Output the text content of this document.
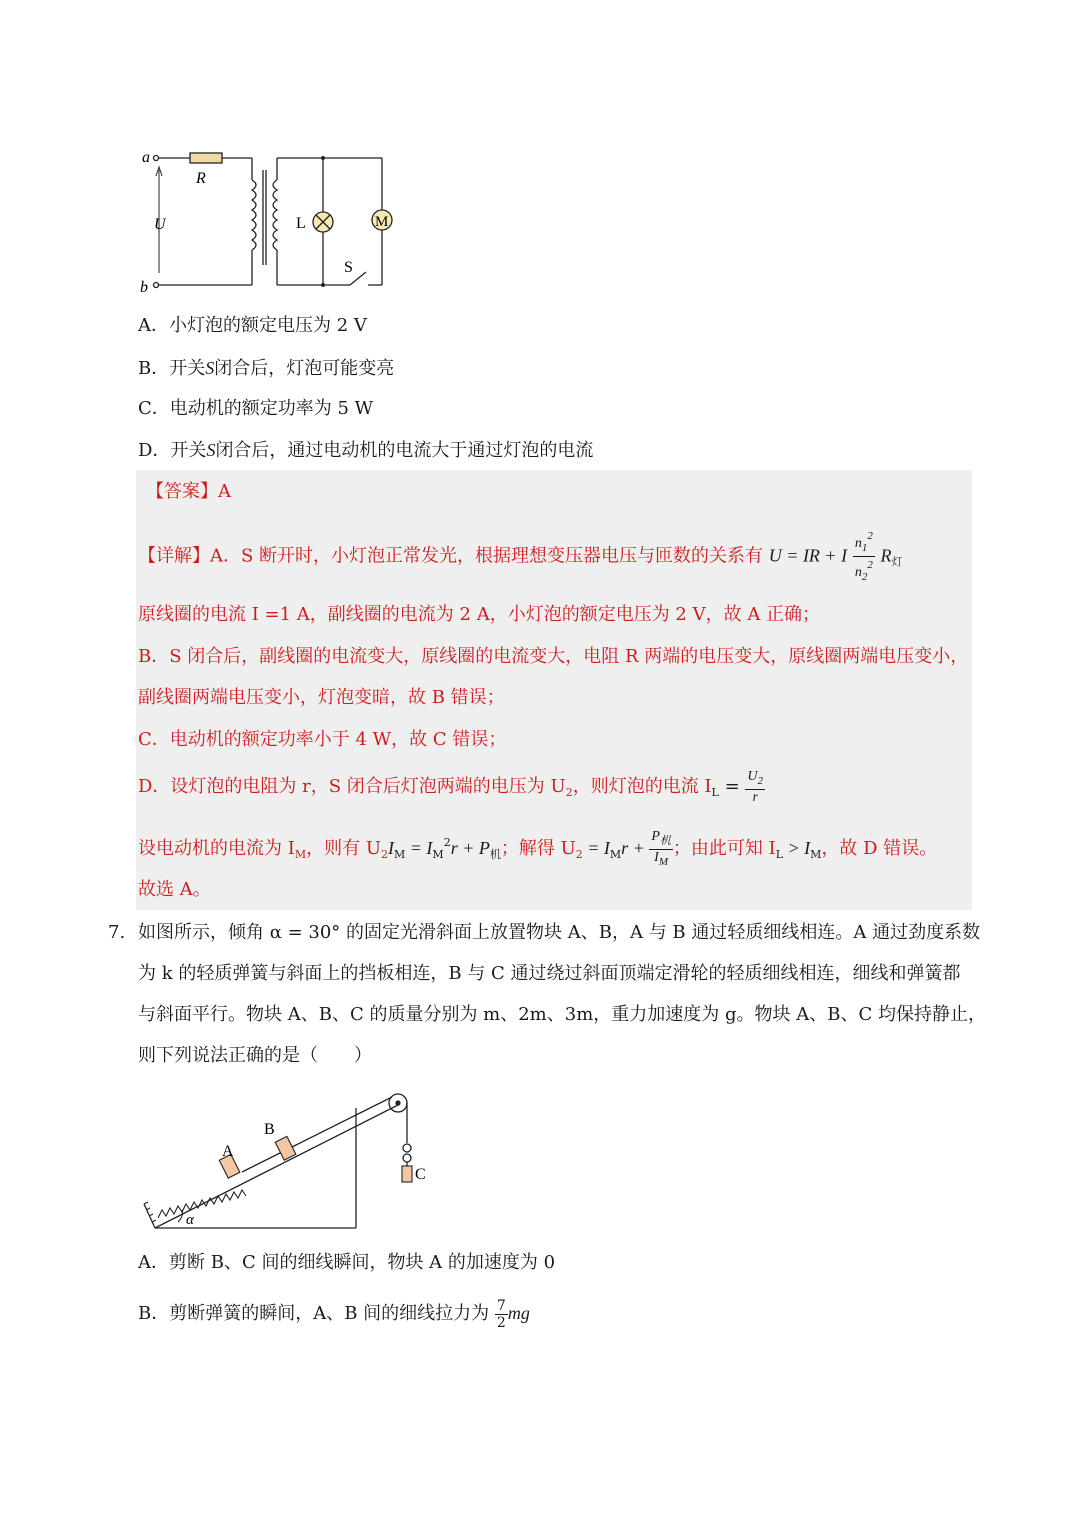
a
b
U
R
L
S
M
A．小灯泡的额定电压为 2 V
B．开关S闭合后，灯泡可能变亮
C．电动机的额定功率为 5 W
D．开关S闭合后，通过电动机的电流大于通过灯泡的电流
【答案】A
【详解】A．S 断开时，小灯泡正常发光，根据理想变压器电压与匝数的关系有 U = IR + I $\frac{n_1^2}{n_2^2} R_灯$
原线圈的电流 I =1 A，副线圈的电流为 2 A，小灯泡的额定电压为 2 V，故 A 正确；
B．S 闭合后，副线圈的电流变大，原线圈的电流变大，电阻 R 两端的电压变大，原线圈两端电压变小，
副线圈两端电压变小，灯泡变暗，故 B 错误；
C．电动机的额定功率小于 4 W，故 C 错误；
D．设灯泡的电阻为 r，S 闭合后灯泡两端的电压为 $U_2$，则灯泡的电流 $I_L = \frac{U_2}{r}$
设电动机的电流为 $I_M$，则有 $U_2I_M = I_M^2r + P_机$；解得 $U_2 = I_Mr + \frac{P_机}{I_M}$ ；由此可知 $I_L > I_M$，故 D 错误。
故选 A。
7. 如图所示，倾角 α = 30° 的固定光滑斜面上放置物块 A、B，A 与 B 通过轻质细线相连。A 通过劲度系数
为 k 的轻质弹簧与斜面上的挡板相连，B 与 C 通过绕过斜面顶端定滑轮的轻质细线相连，细线和弹簧都
与斜面平行。物块 A、B、C 的质量分别为 m、2m、3m，重力加速度为 g。物块 A、B、C 均保持静止，
则下列说法正确的是（　　）
A
B
C
α
A．剪断 B、C 间的细线瞬间，物块 A 的加速度为 0
B．剪断弹簧的瞬间，A、B 间的细线拉力为 $\frac{7}{2}$ mg
